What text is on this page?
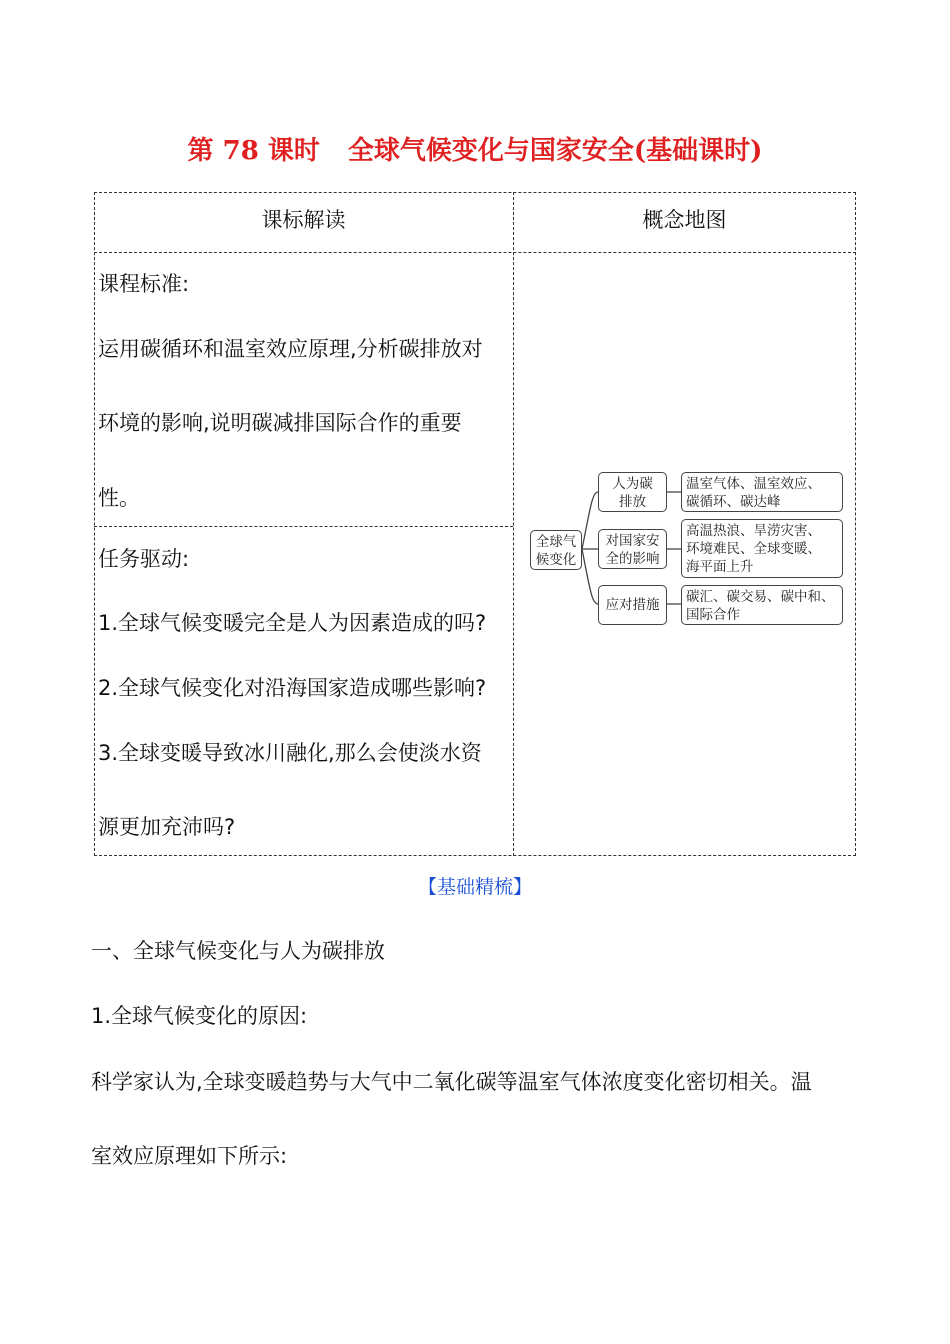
第 78 课时 全球气候变化与国家安全(基础课时)
课标解读	概念地图
课程标准:
运用碳循环和温室效应原理,分析碳排放对
环境的影响,说明碳减排国际合作的重要
性。
任务驱动:
1.全球气候变暖完全是人为因素造成的吗?
2.全球气候变化对沿海国家造成哪些影响?
3.全球变暖导致冰川融化,那么会使淡水资
源更加充沛吗?
全球气
候变化
人为碳
排放
温室气体、温室效应、
碳循环、碳达峰
对国家安
全的影响
高温热浪、旱涝灾害、
环境难民、全球变暖、
海平面上升
应对措施 碳汇、碳交易、碳中和、
国际合作
【基础精梳】
一、全球气候变化与人为碳排放
1.全球气候变化的原因:
科学家认为,全球变暖趋势与大气中二氧化碳等温室气体浓度变化密切相关。温
室效应原理如下所示:
